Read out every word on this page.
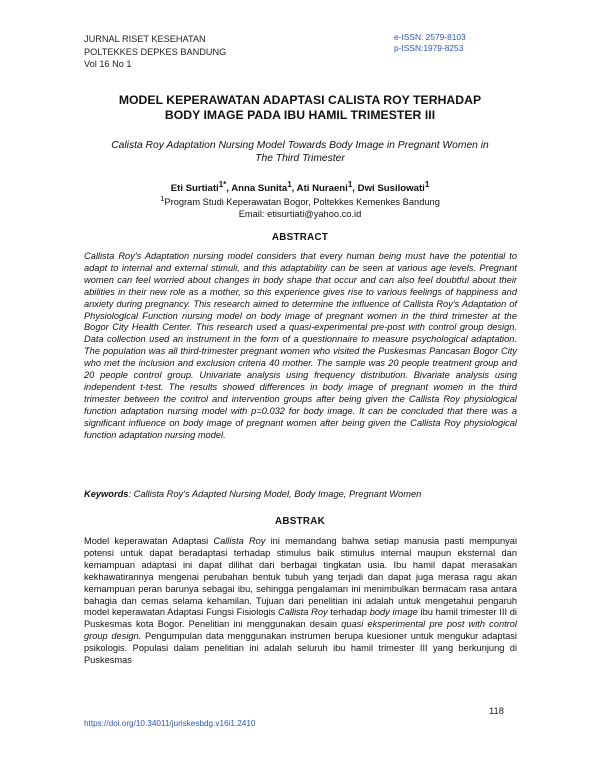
JURNAL RISET KESEHATAN
POLTEKKES DEPKES BANDUNG
Vol 16 No 1
e-ISSN: 2579-8103
p-ISSN:1979-8253
MODEL KEPERAWATAN ADAPTASI CALISTA ROY TERHADAP
BODY IMAGE PADA IBU HAMIL TRIMESTER III
Calista Roy Adaptation Nursing Model Towards Body Image in Pregnant Women in
The Third Trimester
Eti Surtiati$^{1*}$, Anna Sunita$^1$, Ati Nuraeni$^1$, Dwi Susilowati$^1$
$^1$Program Studi Keperawatan Bogor, Poltekkes Kemenkes Bandung
Email: etisurtiati@yahoo.co.id
ABSTRACT
Callista Roy's Adaptation nursing model considers that every human being must have the potential to adapt to internal and external stimuli, and this adaptability can be seen at various age levels. Pregnant women can feel worried about changes in body shape that occur and can also feel doubtful about their abilities in their new role as a mother, so this experience gives rise to various feelings of happiness and anxiety during pregnancy. This research aimed to determine the influence of Callista Roy's Adaptation of Physiological Function nursing model on body image of pregnant women in the third trimester at the Bogor City Health Center. This research used a quasi-experimental pre-post with control group design. Data collection used an instrument in the form of a questionnaire to measure psychological adaptation. The population was all third-trimester pregnant women who visited the Puskesmas Pancasan Bogor City who met the inclusion and exclusion criteria 40 mother. The sample was 20 people treatment group and 20 people control group. Univariate analysis using frequency distribution. Bivariate analysis using independent t-test. The results showed differences in body image of pregnant women in the third trimester between the control and intervention groups after being given the Callista Roy physiological function adaptation nursing model with p=0.032 for body image. It can be concluded that there was a significant influence on body image of pregnant women after being given the Callista Roy physiological function adaptation nursing model.
Keywords: Callista Roy's Adapted Nursing Model, Body Image, Pregnant Women
ABSTRAK
Model keperawatan Adaptasi Callista Roy ini memandang bahwa setiap manusia pasti mempunyai potensi untuk dapat beradaptasi terhadap stimulus baik stimulus internal maupun eksternal dan kemampuan adaptasi ini dapat dilihat dari berbagai tingkatan usia. Ibu hamil dapat merasakan kekhawatirannya mengenai perubahan bentuk tubuh yang terjadi dan dapat juga merasa ragu akan kemampuan peran barunya sebagai ibu, sehingga pengalaman ini menimbulkan bermacam rasa antara bahagia dan cemas selama kehamilan. Tujuan dari penelitian ini adalah untuk mengetahui pengaruh model keperawatan Adaptasi Fungsi Fisiologis Callista Roy terhadap body image ibu hamil trimester III di Puskesmas kota Bogor. Penelitian ini menggunakan desain quasi eksperimental pre post with control group design. Pengumpulan data menggunakan instrumen berupa kuesioner untuk mengukur adaptasi psikologis. Populasi dalam penelitian ini adalah seluruh ibu hamil trimester III yang berkunjung di Puskesmas
118
https://doi.org/10.34011/juriskesbdg.v16i1.2410
